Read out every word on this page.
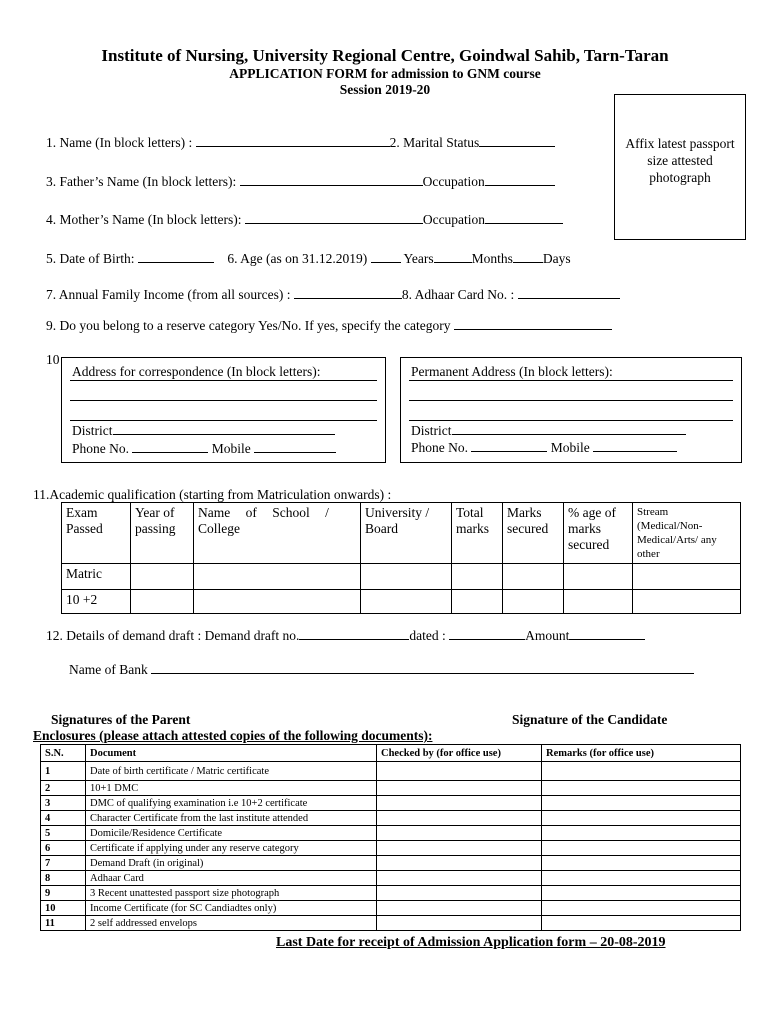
Institute of Nursing, University Regional Centre, Goindwal Sahib, Tarn-Taran
APPLICATION FORM for admission to GNM course
Session 2019-20
Affix latest passport size attested photograph
1. Name (In block letters) :	2. Marital Status
3. Father’s Name (In block letters):	Occupation
4. Mother’s Name (In block letters):	Occupation
5. Date of Birth:	6. Age (as on 31.12.2019)	Years	Months Days
7. Annual Family Income (from all sources) :	8. Adhaar Card No. :
9. Do you belong to a reserve category Yes/No. If yes, specify the category
10
Address for correspondence (In block letters):
District
Phone No.	Mobile
Permanent Address (In block letters):
District
Phone No.	Mobile
11.Academic qualification (starting from Matriculation onwards) :
Exam Passed	Year of passing	Name of School / College	University / Board	Total marks	Marks secured	% age of marks secured	Stream (Medical/Non-Medical/Arts/ any other
Matric							
10 +2							
12. Details of demand draft : Demand draft no.	dated :	Amount
Name of Bank
Signatures of the Parent	Signature of the Candidate
Enclosures (please attach attested copies of the following documents):
S.N.	Document	Checked by (for office use)	Remarks (for office use)
1	Date of birth certificate / Matric certificate		
2	10+1 DMC		
3	DMC of qualifying examination i.e 10+2 certificate		
4	Character Certificate from the last institute attended		
5	Domicile/Residence Certificate		
6	Certificate if applying under any reserve category		
7	Demand Draft (in original)		
8	Adhaar Card		
9	3 Recent unattested passport size photograph		
10	Income Certificate (for SC Candiadtes only)		
11	2 self addressed envelops		
Last Date for receipt of Admission Application form – 20-08-2019
